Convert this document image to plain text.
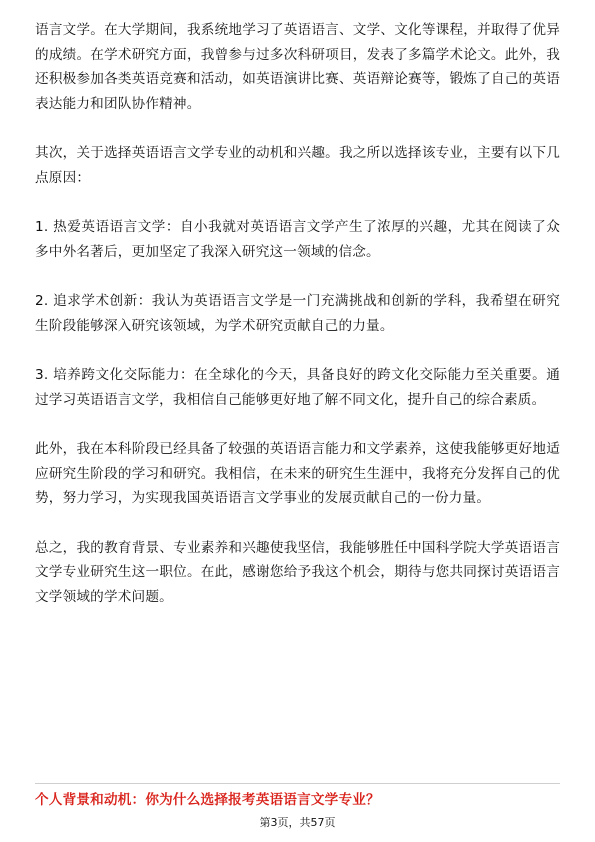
语言文学。在大学期间，我系统地学习了英语语言、文学、文化等课程，并取得了优异的成绩。在学术研究方面，我曾参与过多次科研项目，发表了多篇学术论文。此外，我还积极参加各类英语竞赛和活动，如英语演讲比赛、英语辩论赛等，锻炼了自己的英语表达能力和团队协作精神。

其次，关于选择英语语言文学专业的动机和兴趣。我之所以选择该专业，主要有以下几点原因：

1. 热爱英语语言文学：自小我就对英语语言文学产生了浓厚的兴趣，尤其在阅读了众多中外名著后，更加坚定了我深入研究这一领域的信念。

2. 追求学术创新：我认为英语语言文学是一门充满挑战和创新的学科，我希望在研究生阶段能够深入研究该领域，为学术研究贡献自己的力量。

3. 培养跨文化交际能力：在全球化的今天，具备良好的跨文化交际能力至关重要。通过学习英语语言文学，我相信自己能够更好地了解不同文化，提升自己的综合素质。

此外，我在本科阶段已经具备了较强的英语语言能力和文学素养，这使我能够更好地适应研究生阶段的学习和研究。我相信，在未来的研究生生涯中，我将充分发挥自己的优势，努力学习，为实现我国英语语言文学事业的发展贡献自己的一份力量。

总之，我的教育背景、专业素养和兴趣使我坚信，我能够胜任中国科学院大学英语语言文学专业研究生这一职位。在此，感谢您给予我这个机会，期待与您共同探讨英语语言文学领域的学术问题。

个人背景和动机：你为什么选择报考英语语言文学专业？
第3页，共57页
